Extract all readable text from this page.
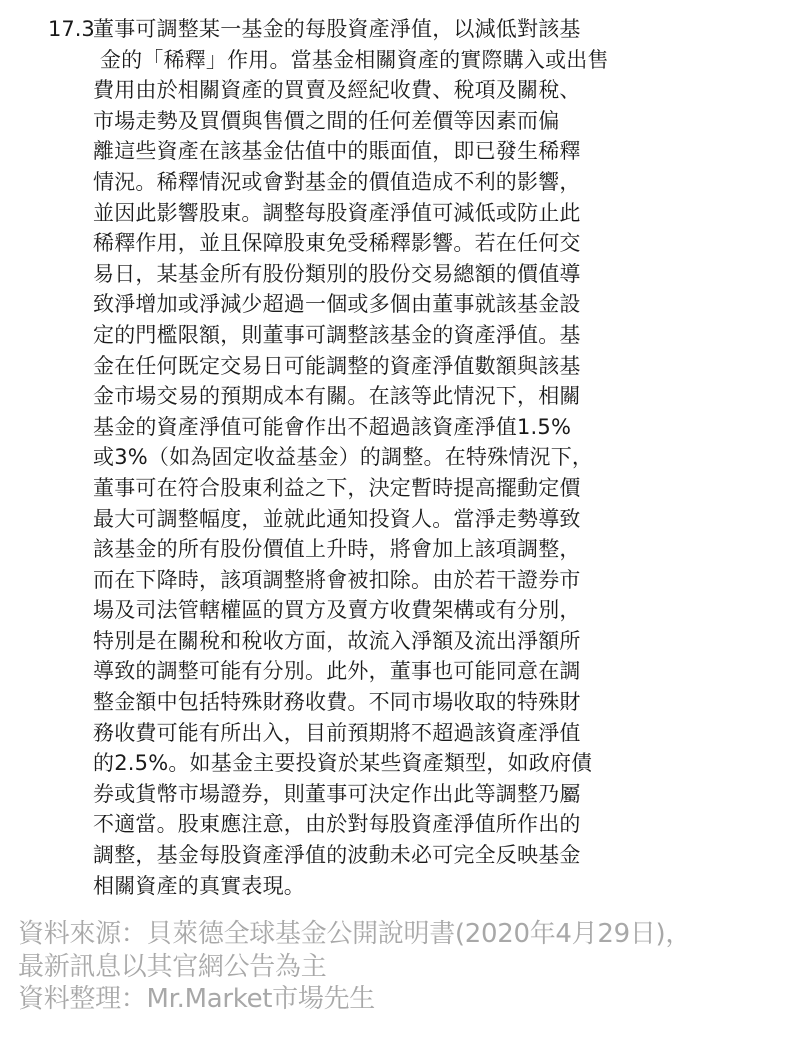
17.3
董事可調整某一基金的每股資產淨值，以減低對該基
金的「稀釋」作用。當基金相關資產的實際購入或出售
費用由於相關資產的買賣及經紀收費、稅項及關稅、
市場走勢及買價與售價之間的任何差價等因素而偏
離這些資產在該基金估值中的賬面值，即已發生稀釋
情況。稀釋情況或會對基金的價值造成不利的影響，
並因此影響股東。調整每股資產淨值可減低或防止此
稀釋作用，並且保障股東免受稀釋影響。若在任何交
易日，某基金所有股份類別的股份交易總額的價值導
致淨增加或淨減少超過一個或多個由董事就該基金設
定的門檻限額，則董事可調整該基金的資產淨值。基
金在任何既定交易日可能調整的資產淨值數額與該基
金市場交易的預期成本有關。在該等此情況下，相關
基金的資產淨值可能會作出不超過該資產淨值1.5%
或3%（如為固定收益基金）的調整。在特殊情況下，
董事可在符合股東利益之下，決定暫時提高擺動定價
最大可調整幅度，並就此通知投資人。當淨走勢導致
該基金的所有股份價值上升時，將會加上該項調整，
而在下降時，該項調整將會被扣除。由於若干證券市
場及司法管轄權區的買方及賣方收費架構或有分別，
特別是在關稅和稅收方面，故流入淨額及流出淨額所
導致的調整可能有分別。此外，董事也可能同意在調
整金額中包括特殊財務收費。不同市場收取的特殊財
務收費可能有所出入，目前預期將不超過該資產淨值
的2.5%。如基金主要投資於某些資產類型，如政府債
券或貨幣市場證券，則董事可決定作出此等調整乃屬
不適當。股東應注意，由於對每股資產淨值所作出的
調整，基金每股資產淨值的波動未必可完全反映基金
相關資產的真實表現。
資料來源：貝萊德全球基金公開說明書(2020年4月29日)，
最新訊息以其官網公告為主
資料整理：Mr.Market市場先生
